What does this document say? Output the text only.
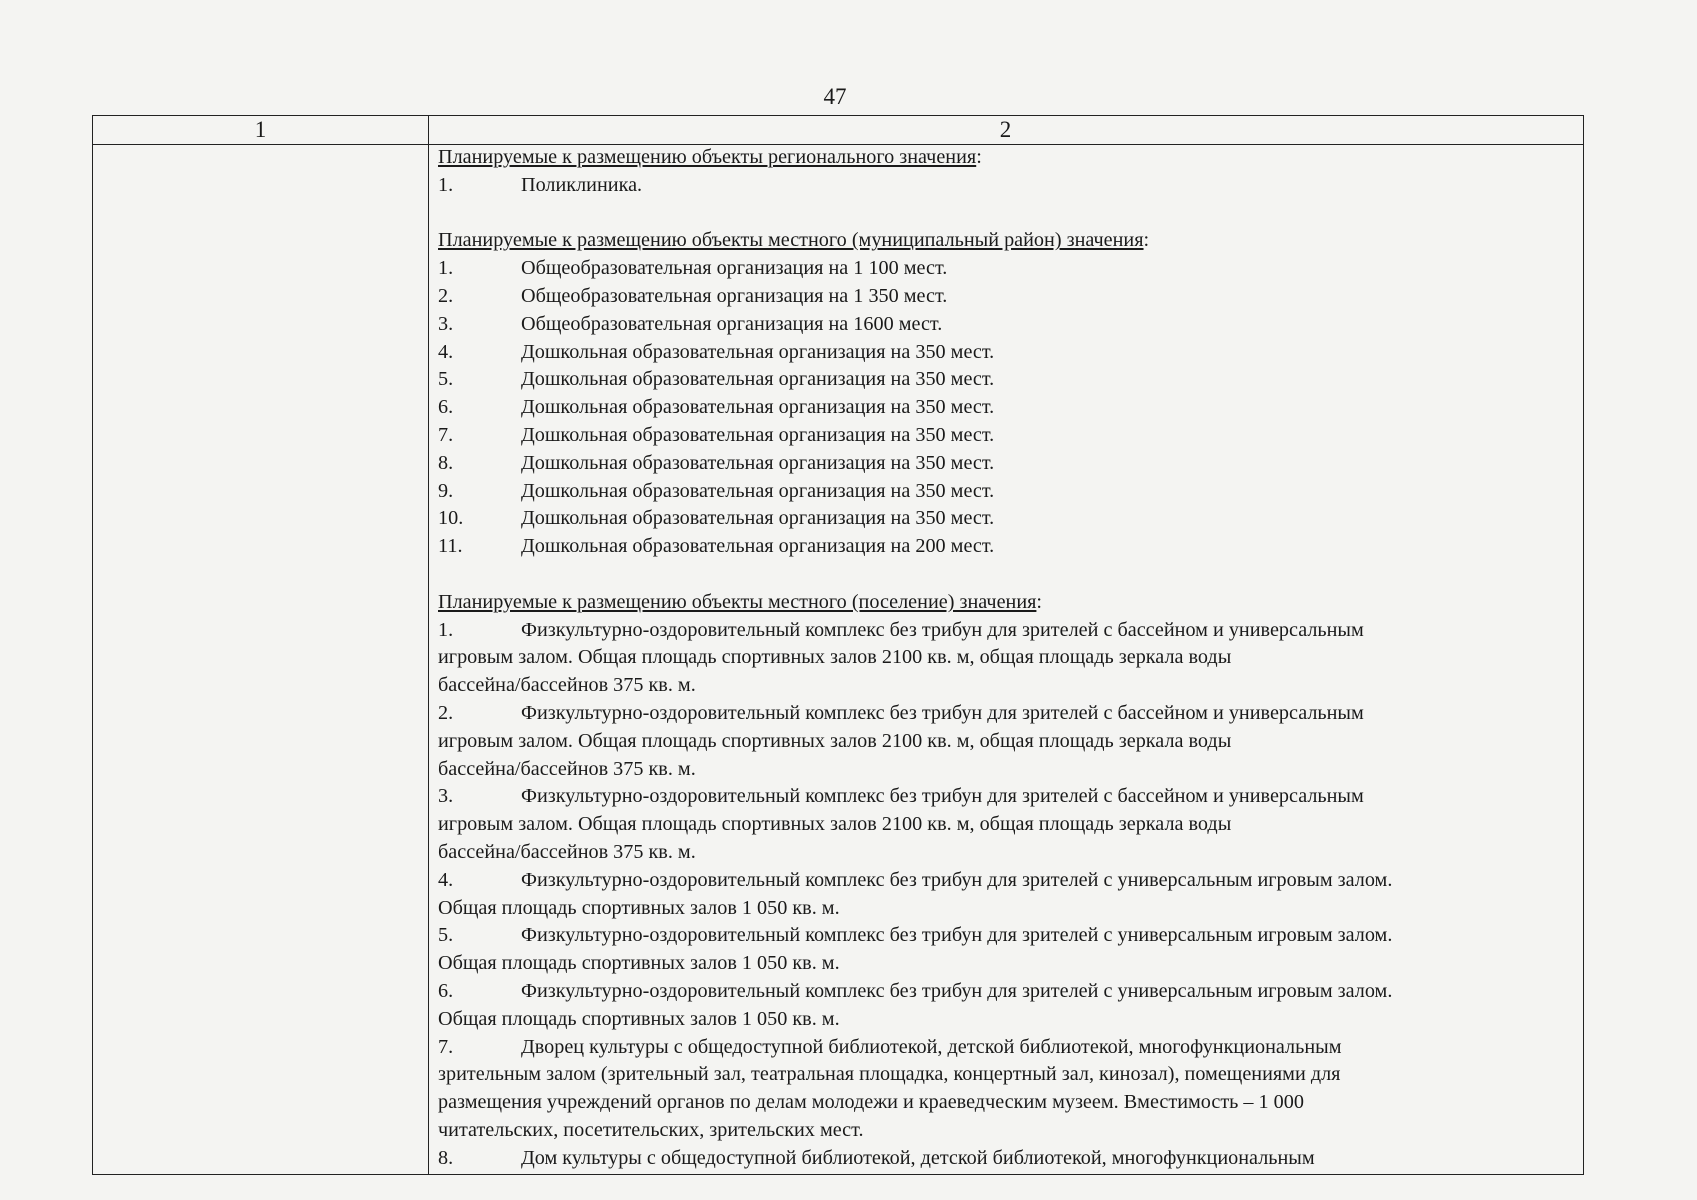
47
1	2
Планируемые к размещению объекты регионального значения:
1.	Поликлиника.
Планируемые к размещению объекты местного (муниципальный район) значения:
1.	Общеобразовательная организация на 1 100 мест.
2.	Общеобразовательная организация на 1 350 мест.
3.	Общеобразовательная организация на 1600 мест.
4.	Дошкольная образовательная организация на 350 мест.
5.	Дошкольная образовательная организация на 350 мест.
6.	Дошкольная образовательная организация на 350 мест.
7.	Дошкольная образовательная организация на 350 мест.
8.	Дошкольная образовательная организация на 350 мест.
9.	Дошкольная образовательная организация на 350 мест.
10.	Дошкольная образовательная организация на 350 мест.
11.	Дошкольная образовательная организация на 200 мест.
Планируемые к размещению объекты местного (поселение) значения:
1.	Физкультурно-оздоровительный комплекс без трибун для зрителей с бассейном и универсальным
игровым залом. Общая площадь спортивных залов 2100 кв. м, общая площадь зеркала воды
бассейна/бассейнов 375 кв. м.
2.	Физкультурно-оздоровительный комплекс без трибун для зрителей с бассейном и универсальным
игровым залом. Общая площадь спортивных залов 2100 кв. м, общая площадь зеркала воды
бассейна/бассейнов 375 кв. м.
3.	Физкультурно-оздоровительный комплекс без трибун для зрителей с бассейном и универсальным
игровым залом. Общая площадь спортивных залов 2100 кв. м, общая площадь зеркала воды
бассейна/бассейнов 375 кв. м.
4.	Физкультурно-оздоровительный комплекс без трибун для зрителей с универсальным игровым залом.
Общая площадь спортивных залов 1 050 кв. м.
5.	Физкультурно-оздоровительный комплекс без трибун для зрителей с универсальным игровым залом.
Общая площадь спортивных залов 1 050 кв. м.
6.	Физкультурно-оздоровительный комплекс без трибун для зрителей с универсальным игровым залом.
Общая площадь спортивных залов 1 050 кв. м.
7.	Дворец культуры с общедоступной библиотекой, детской библиотекой, многофункциональным
зрительным залом (зрительный зал, театральная площадка, концертный зал, кинозал), помещениями для
размещения учреждений органов по делам молодежи и краеведческим музеем. Вместимость – 1 000
читательских, посетительских, зрительских мест.
8.	Дом культуры с общедоступной библиотекой, детской библиотекой, многофункциональным
